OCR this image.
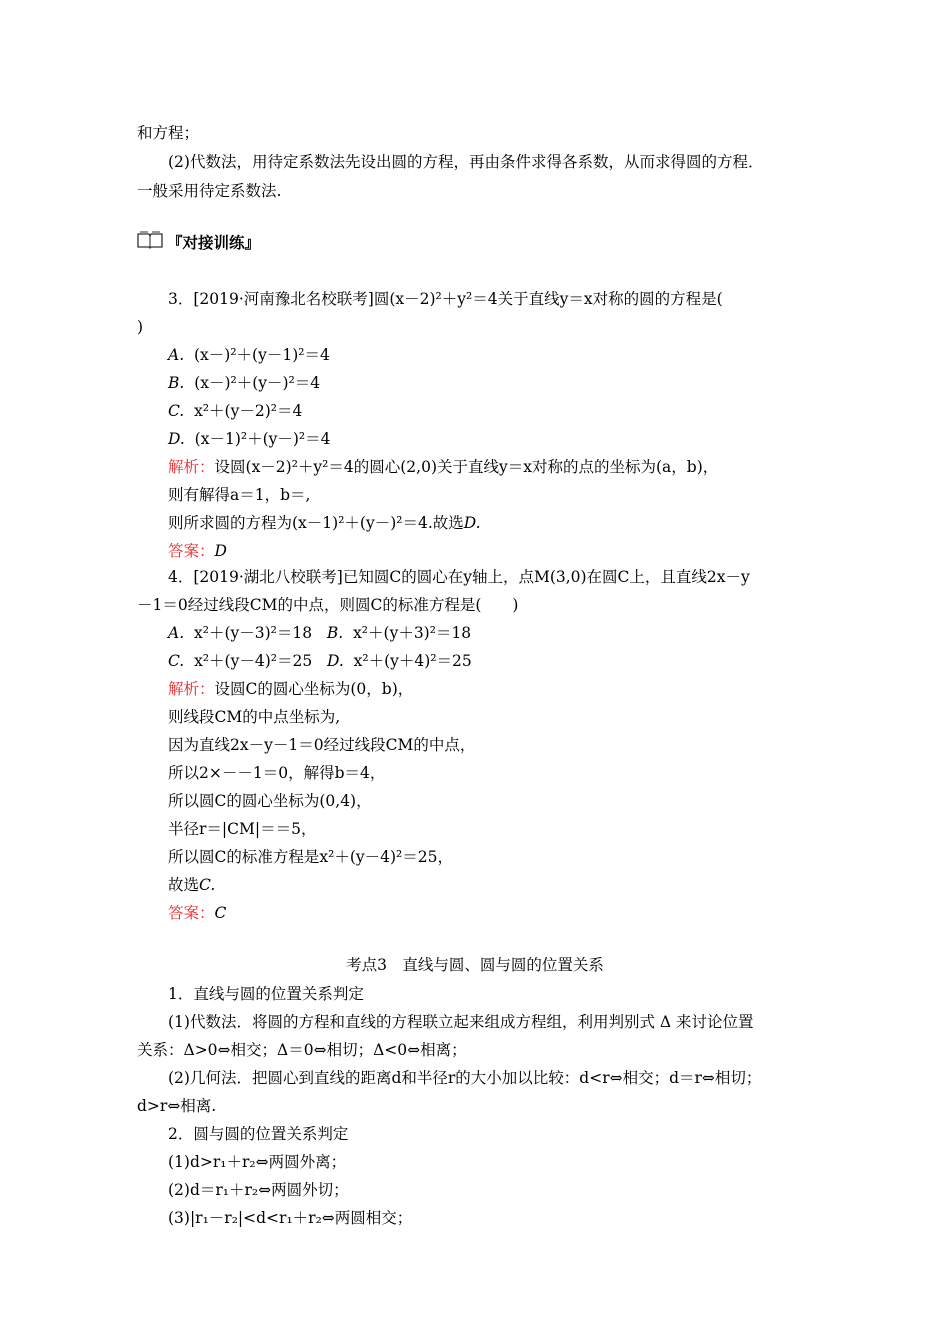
和方程；
(2)代数法，用待定系数法先设出圆的方程，再由条件求得各系数，从而求得圆的方程．
一般采用待定系数法.
『对接训练』
3．[2019·河南豫北名校联考]圆(x－2)²＋y²＝4关于直线y＝x对称的圆的方程是(
)
A. (x－)²＋(y－1)²＝4
B. (x－)²＋(y－)²＝4
C. x²＋(y－2)²＝4
D. (x－1)²＋(y－)²＝4
解析：设圆(x－2)²＋y²＝4的圆心(2,0)关于直线y＝x对称的点的坐标为(a，b)，
则有解得a＝1，b＝,
则所求圆的方程为(x－1)²＋(y－)²＝4.故选D.
答案：D
4．[2019·湖北八校联考]已知圆C的圆心在y轴上，点M(3,0)在圆C上，且直线2x－y
－1＝0经过线段CM的中点，则圆C的标准方程是(　　)
A. x²＋(y－3)²＝18 B. x²＋(y＋3)²＝18
C. x²＋(y－4)²＝25 D. x²＋(y＋4)²＝25
解析：设圆C的圆心坐标为(0，b)，
则线段CM的中点坐标为,
因为直线2x－y－1＝0经过线段CM的中点，
所以2×－－1＝0，解得b＝4，
所以圆C的圆心坐标为(0,4)，
半径r＝|CM|＝＝5，
所以圆C的标准方程是x²＋(y－4)²＝25，
故选C.
答案：C
考点3　直线与圆、圆与圆的位置关系
1．直线与圆的位置关系判定
(1)代数法．将圆的方程和直线的方程联立起来组成方程组，利用判别式 Δ 来讨论位置
关系：Δ>0⇔相交；Δ＝0⇔相切；Δ<0⇔相离；
(2)几何法．把圆心到直线的距离d和半径r的大小加以比较：d<r⇔相交；d＝r⇔相切；
d>r⇔相离.
2．圆与圆的位置关系判定
(1)d>r₁＋r₂⇔两圆外离；
(2)d＝r₁＋r₂⇔两圆外切；
(3)|r₁－r₂|<d<r₁＋r₂⇔两圆相交；
